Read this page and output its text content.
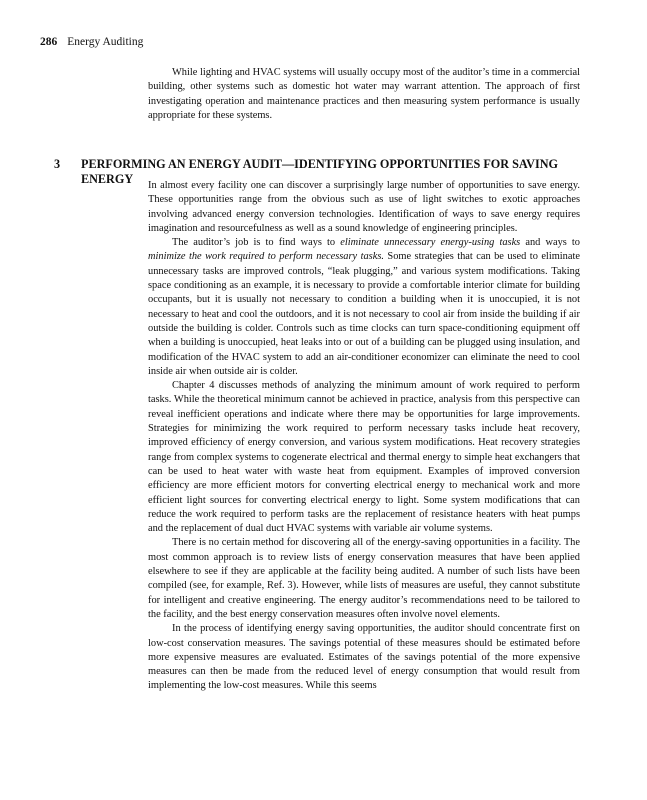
286 Energy Auditing

While lighting and HVAC systems will usually occupy most of the auditor’s time in a commercial building, other systems such as domestic hot water may warrant attention. The approach of first investigating operation and maintenance practices and then measuring system performance is usually appropriate for these systems.

3 PERFORMING AN ENERGY AUDIT—IDENTIFYING OPPORTUNITIES FOR SAVING ENERGY	In almost every facility one can discover a surprisingly large number of opportunities to save energy. These opportunities range from the obvious such as use of light switches to exotic approaches involving advanced energy conversion technologies. Identification of ways to save energy requires imagination and resourcefulness as well as a sound knowledge of engineering principles.

The auditor’s job is to find ways to eliminate unnecessary energy-using tasks and ways to minimize the work required to perform necessary tasks. Some strategies that can be used to eliminate unnecessary tasks are improved controls, “leak plugging,” and various system modifications. Taking space conditioning as an example, it is necessary to provide a comfortable interior climate for building occupants, but it is usually not necessary to condition a building when it is unoccupied, it is not necessary to heat and cool the outdoors, and it is not necessary to cool air from inside the building if air outside the building is colder. Controls such as time clocks can turn space-conditioning equipment off when a building is unoccupied, heat leaks into or out of a building can be plugged using insulation, and modification of the HVAC system to add an air-conditioner economizer can eliminate the need to cool inside air when outside air is colder.

Chapter 4 discusses methods of analyzing the minimum amount of work required to perform tasks. While the theoretical minimum cannot be achieved in practice, analysis from this perspective can reveal inefficient operations and indicate where there may be opportunities for large improvements. Strategies for minimizing the work required to perform necessary tasks include heat recovery, improved efficiency of energy conversion, and various system modifications. Heat recovery strategies range from complex systems to cogenerate electrical and thermal energy to simple heat exchangers that can be used to heat water with waste heat from equipment. Examples of improved conversion efficiency are more efficient motors for converting electrical energy to mechanical work and more efficient light sources for converting electrical energy to light. Some system modifications that can reduce the work required to perform tasks are the replacement of resistance heaters with heat pumps and the replacement of dual duct HVAC systems with variable air volume systems.

There is no certain method for discovering all of the energy-saving opportunities in a facility. The most common approach is to review lists of energy conservation measures that have been applied elsewhere to see if they are applicable at the facility being audited. A number of such lists have been compiled (see, for example, Ref. 3). However, while lists of measures are useful, they cannot substitute for intelligent and creative engineering. The energy auditor’s recommendations need to be tailored to the facility, and the best energy conservation measures often involve novel elements.

In the process of identifying energy saving opportunities, the auditor should concentrate first on low-cost conservation measures. The savings potential of these measures should be estimated before more expensive measures are evaluated. Estimates of the savings potential of the more expensive measures can then be made from the reduced level of energy consumption that would result from implementing the low-cost measures. While this seems
